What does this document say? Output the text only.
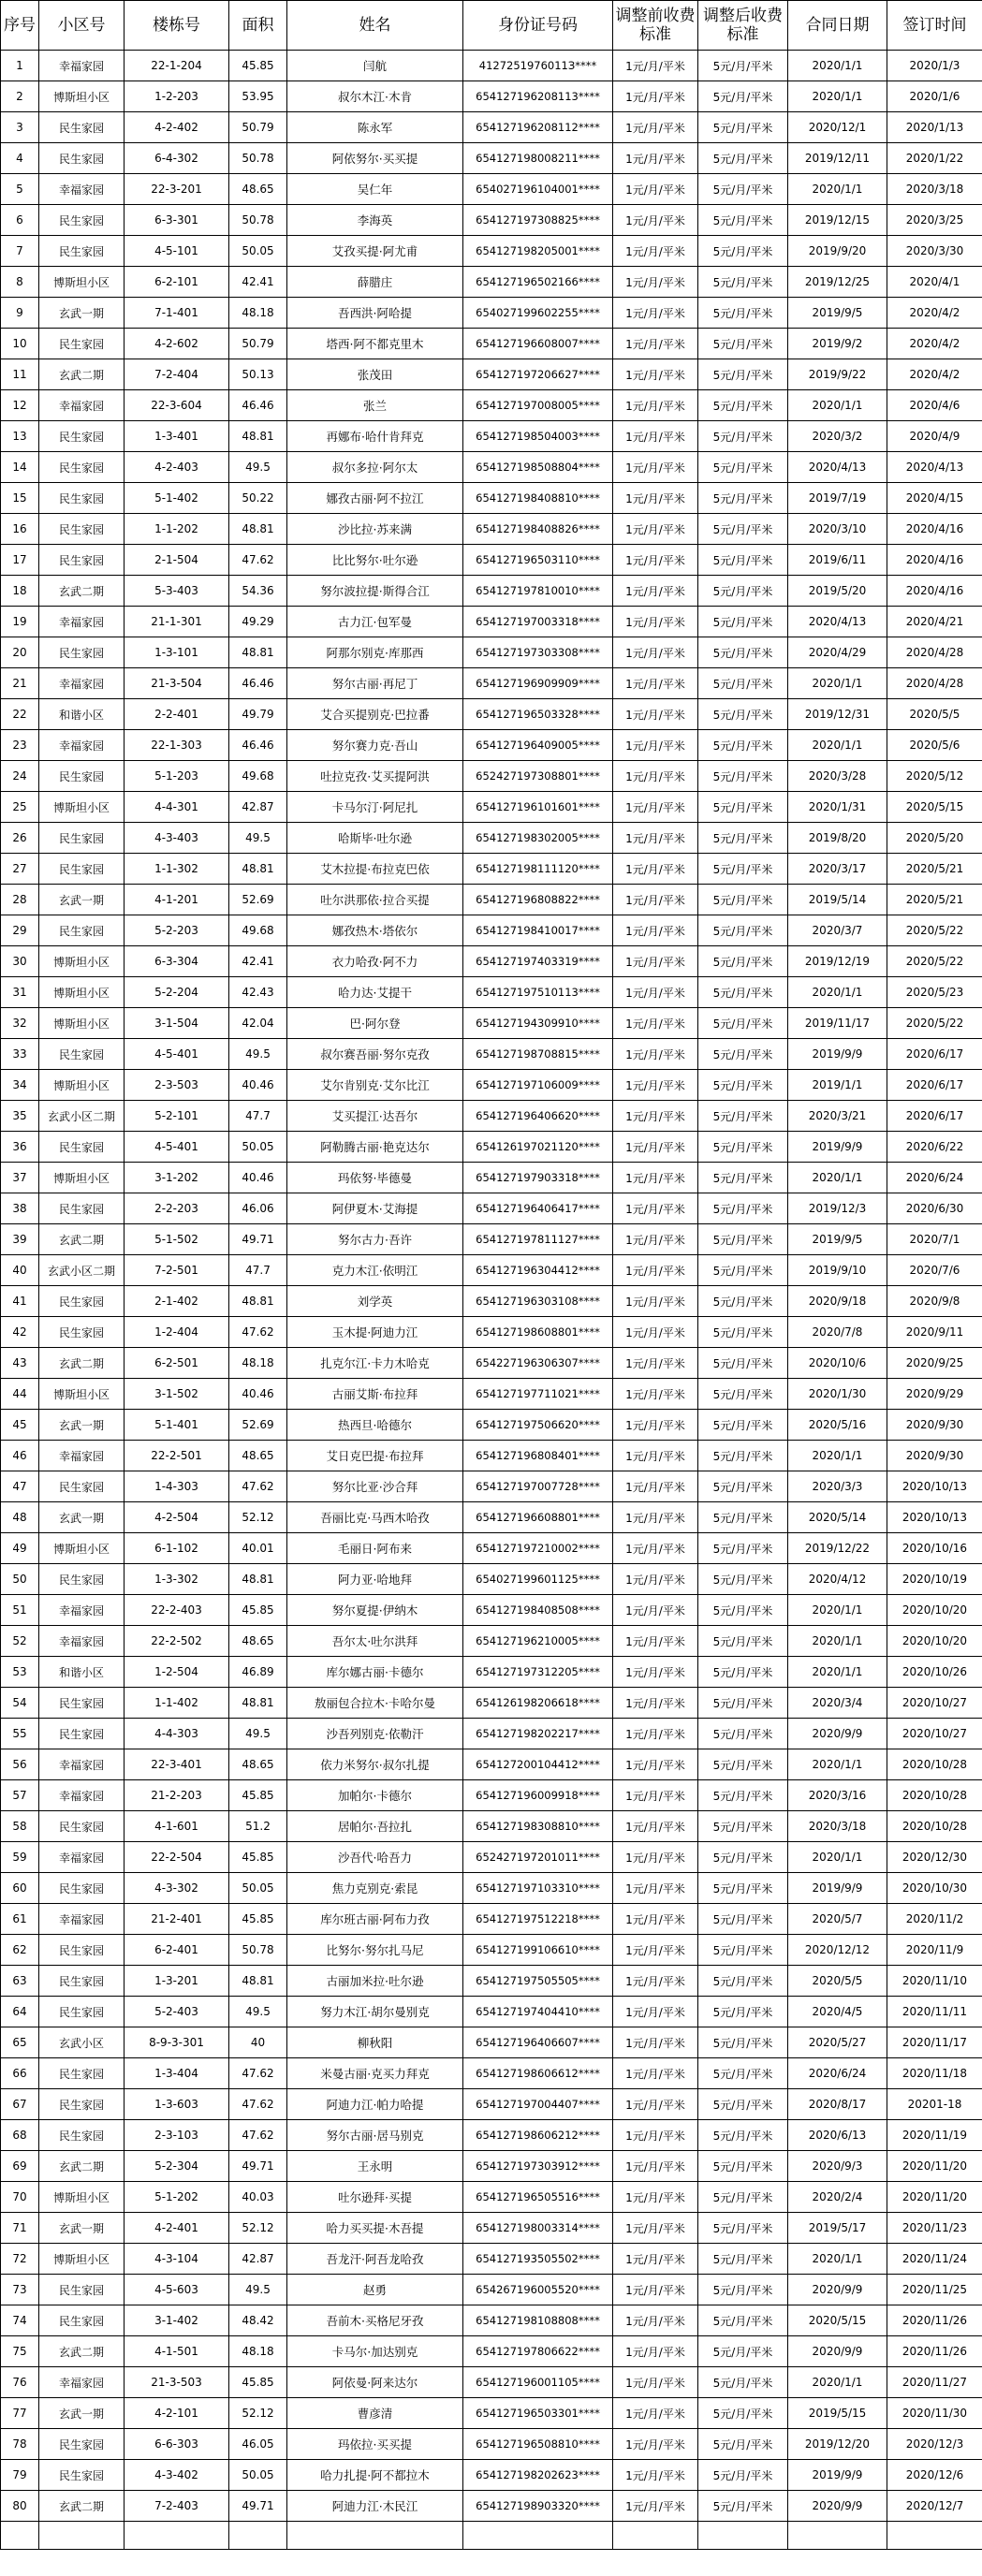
序号	小区号	楼栋号	面积	姓名	身份证号码	调整前收费标准	调整后收费标准	合同日期	签订时间
1	幸福家园	22-1-204	45.85	闫航	4127251976011З****	1元/月/平米	5元/月/平米	2020/1/1	2020/1/3
2	博斯坦小区	1-2-203	53.95	叔尔木江·木肯	654127196208113****	1元/月/平米	5元/月/平米	2020/1/1	2020/1/6
3	民生家园	4-2-402	50.79	陈永军	654127196208112****	1元/月/平米	5元/月/平米	2020/12/1	2020/1/13
4	民生家园	6-4-302	50.78	阿依努尔·买买提	654127198008211****	1元/月/平米	5元/月/平米	2019/12/11	2020/1/22
5	幸福家园	22-3-201	48.65	吴仁年	654027196104001****	1元/月/平米	5元/月/平米	2020/1/1	2020/3/18
6	民生家园	6-3-301	50.78	李海英	654127197308825****	1元/月/平米	5元/月/平米	2019/12/15	2020/3/25
7	民生家园	4-5-101	50.05	艾孜买提·阿尤甫	654127198205001****	1元/月/平米	5元/月/平米	2019/9/20	2020/3/30
8	博斯坦小区	6-2-101	42.41	薛腊庄	654127196502166****	1元/月/平米	5元/月/平米	2019/12/25	2020/4/1
9	玄武一期	7-1-401	48.18	吾西洪·阿哈提	654027199602255****	1元/月/平米	5元/月/平米	2019/9/5	2020/4/2
10	民生家园	4-2-602	50.79	塔西·阿不都克里木	654127196608007****	1元/月/平米	5元/月/平米	2019/9/2	2020/4/2
11	玄武二期	7-2-404	50.13	张茂田	654127197206627****	1元/月/平米	5元/月/平米	2019/9/22	2020/4/2
12	幸福家园	22-3-604	46.46	张兰	654127197008005****	1元/月/平米	5元/月/平米	2020/1/1	2020/4/6
13	民生家园	1-3-401	48.81	再娜布·哈什肯拜克	654127198504003****	1元/月/平米	5元/月/平米	2020/3/2	2020/4/9
14	民生家园	4-2-403	49.5	叔尔多拉·阿尔太	654127198508804****	1元/月/平米	5元/月/平米	2020/4/13	2020/4/13
15	民生家园	5-1-402	50.22	娜孜古丽·阿不拉江	654127198408810****	1元/月/平米	5元/月/平米	2019/7/19	2020/4/15
16	民生家园	1-1-202	48.81	沙比拉·苏来满	654127198408826****	1元/月/平米	5元/月/平米	2020/3/10	2020/4/16
17	民生家园	2-1-504	47.62	比比努尔·吐尔逊	654127196503110****	1元/月/平米	5元/月/平米	2019/6/11	2020/4/16
18	玄武二期	5-3-403	54.36	努尔波拉提·斯得合江	654127197810010****	1元/月/平米	5元/月/平米	2019/5/20	2020/4/16
19	幸福家园	21-1-301	49.29	古力江·包军曼	654127197003318****	1元/月/平米	5元/月/平米	2020/4/13	2020/4/21
20	民生家园	1-3-101	48.81	阿那尔别克·库那西	654127197303308****	1元/月/平米	5元/月/平米	2020/4/29	2020/4/28
21	幸福家园	21-3-504	46.46	努尔古丽·再尼丁	654127196909909****	1元/月/平米	5元/月/平米	2020/1/1	2020/4/28
22	和谐小区	2-2-401	49.79	艾合买提别克·巴拉番	654127196503328****	1元/月/平米	5元/月/平米	2019/12/31	2020/5/5
23	幸福家园	22-1-303	46.46	努尔赛力克·吾山	654127196409005****	1元/月/平米	5元/月/平米	2020/1/1	2020/5/6
24	民生家园	5-1-203	49.68	吐拉克孜·艾买提阿洪	652427197308801****	1元/月/平米	5元/月/平米	2020/3/28	2020/5/12
25	博斯坦小区	4-4-301	42.87	卡马尔汀·阿尼扎	654127196101601****	1元/月/平米	5元/月/平米	2020/1/31	2020/5/15
26	民生家园	4-3-403	49.5	哈斯毕·吐尔逊	654127198302005****	1元/月/平米	5元/月/平米	2019/8/20	2020/5/20
27	民生家园	1-1-302	48.81	艾木拉提·布拉克巴依	654127198111120****	1元/月/平米	5元/月/平米	2020/3/17	2020/5/21
28	玄武一期	4-1-201	52.69	吐尔洪那依·拉合买提	654127196808822****	1元/月/平米	5元/月/平米	2019/5/14	2020/5/21
29	民生家园	5-2-203	49.68	娜孜热木·塔依尔	654127198410017****	1元/月/平米	5元/月/平米	2020/3/7	2020/5/22
30	博斯坦小区	6-3-304	42.41	衣力哈孜·阿不力	654127197403319****	1元/月/平米	5元/月/平米	2019/12/19	2020/5/22
31	博斯坦小区	5-2-204	42.43	哈力达·艾提干	654127197510113****	1元/月/平米	5元/月/平米	2020/1/1	2020/5/23
32	博斯坦小区	3-1-504	42.04	巴·阿尔登	654127194309910****	1元/月/平米	5元/月/平米	2019/11/17	2020/5/22
33	民生家园	4-5-401	49.5	叔尔赛吾丽·努尔克孜	654127198708815****	1元/月/平米	5元/月/平米	2019/9/9	2020/6/17
34	博斯坦小区	2-3-503	40.46	艾尔肯别克·艾尔比江	654127197106009****	1元/月/平米	5元/月/平米	2019/1/1	2020/6/17
35	玄武小区二期	5-2-101	47.7	艾买提江·达吾尔	654127196406620****	1元/月/平米	5元/月/平米	2020/3/21	2020/6/17
36	民生家园	4-5-401	50.05	阿勒腾古丽·艳克达尔	654126197021120****	1元/月/平米	5元/月/平米	2019/9/9	2020/6/22
37	博斯坦小区	3-1-202	40.46	玛依努·毕德曼	654127197903318****	1元/月/平米	5元/月/平米	2020/1/1	2020/6/24
38	民生家园	2-2-203	46.06	阿伊夏木·艾海提	654127196406417****	1元/月/平米	5元/月/平米	2019/12/3	2020/6/30
39	玄武二期	5-1-502	49.71	努尔古力·吾许	654127197811127****	1元/月/平米	5元/月/平米	2019/9/5	2020/7/1
40	玄武小区二期	7-2-501	47.7	克力木江·依明江	654127196304412****	1元/月/平米	5元/月/平米	2019/9/10	2020/7/6
41	民生家园	2-1-402	48.81	刘学英	654127196303108****	1元/月/平米	5元/月/平米	2020/9/18	2020/9/8
42	民生家园	1-2-404	47.62	玉木提·阿迪力江	654127198608801****	1元/月/平米	5元/月/平米	2020/7/8	2020/9/11
43	玄武二期	6-2-501	48.18	扎克尔江·卡力木哈克	654227196306307****	1元/月/平米	5元/月/平米	2020/10/6	2020/9/25
44	博斯坦小区	3-1-502	40.46	古丽艾斯·布拉拜	654127197711021****	1元/月/平米	5元/月/平米	2020/1/30	2020/9/29
45	玄武一期	5-1-401	52.69	热西旦·哈德尔	654127197506620****	1元/月/平米	5元/月/平米	2020/5/16	2020/9/30
46	幸福家园	22-2-501	48.65	艾日克巴提·布拉拜	654127196808401****	1元/月/平米	5元/月/平米	2020/1/1	2020/9/30
47	民生家园	1-4-303	47.62	努尔比亚·沙合拜	654127197007728****	1元/月/平米	5元/月/平米	2020/3/3	2020/10/13
48	玄武一期	4-2-504	52.12	吾丽比克·马西木哈孜	654127196608801****	1元/月/平米	5元/月/平米	2020/5/14	2020/10/13
49	博斯坦小区	6-1-102	40.01	毛丽日·阿布来	654127197210002****	1元/月/平米	5元/月/平米	2019/12/22	2020/10/16
50	民生家园	1-3-302	48.81	阿力亚·哈地拜	654027199601125****	1元/月/平米	5元/月/平米	2020/4/12	2020/10/19
51	幸福家园	22-2-403	45.85	努尔夏提·伊纳木	654127198408508****	1元/月/平米	5元/月/平米	2020/1/1	2020/10/20
52	幸福家园	22-2-502	48.65	吾尔太·吐尔洪拜	654127196210005****	1元/月/平米	5元/月/平米	2020/1/1	2020/10/20
53	和谐小区	1-2-504	46.89	库尔娜古丽·卡德尔	654127197312205****	1元/月/平米	5元/月/平米	2020/1/1	2020/10/26
54	民生家园	1-1-402	48.81	敖丽包合拉木·卡哈尔曼	654126198206618****	1元/月/平米	5元/月/平米	2020/3/4	2020/10/27
55	民生家园	4-4-303	49.5	沙吾列别克·依勒汗	654127198202217****	1元/月/平米	5元/月/平米	2020/9/9	2020/10/27
56	幸福家园	22-3-401	48.65	依力米努尔·叔尔扎提	654127200104412****	1元/月/平米	5元/月/平米	2020/1/1	2020/10/28
57	幸福家园	21-2-203	45.85	加帕尔·卡德尔	654127196009918****	1元/月/平米	5元/月/平米	2020/3/16	2020/10/28
58	民生家园	4-1-601	51.2	居帕尔·吾拉扎	654127198308810****	1元/月/平米	5元/月/平米	2020/3/18	2020/10/28
59	幸福家园	22-2-504	45.85	沙吾代·哈吾力	652427197201011****	1元/月/平米	5元/月/平米	2020/1/1	2020/12/30
60	民生家园	4-3-302	50.05	焦力克别克·索昆	654127197103310****	1元/月/平米	5元/月/平米	2019/9/9	2020/10/30
61	幸福家园	21-2-401	45.85	库尔班古丽·阿布力孜	654127197512218****	1元/月/平米	5元/月/平米	2020/5/7	2020/11/2
62	民生家园	6-2-401	50.78	比努尔·努尔扎马尼	654127199106610****	1元/月/平米	5元/月/平米	2020/12/12	2020/11/9
63	民生家园	1-3-201	48.81	古丽加米拉·吐尔逊	654127197505505****	1元/月/平米	5元/月/平米	2020/5/5	2020/11/10
64	民生家园	5-2-403	49.5	努力木江·胡尔曼别克	654127197404410****	1元/月/平米	5元/月/平米	2020/4/5	2020/11/11
65	玄武小区	8-9-3-301	40	柳秋阳	654127196406607****	1元/月/平米	5元/月/平米	2020/5/27	2020/11/17
66	民生家园	1-3-404	47.62	米曼古丽·克买力拜克	654127198606612****	1元/月/平米	5元/月/平米	2020/6/24	2020/11/18
67	民生家园	1-3-603	47.62	阿迪力江·帕力哈提	654127197004407****	1元/月/平米	5元/月/平米	2020/8/17	20201-18
68	民生家园	2-3-103	47.62	努尔古丽·居马别克	654127198606212****	1元/月/平米	5元/月/平米	2020/6/13	2020/11/19
69	玄武二期	5-2-304	49.71	王永明	654127197303912****	1元/月/平米	5元/月/平米	2020/9/3	2020/11/20
70	博斯坦小区	5-1-202	40.03	吐尔逊拜·买提	654127196505516****	1元/月/平米	5元/月/平米	2020/2/4	2020/11/20
71	玄武一期	4-2-401	52.12	哈力买买提·木吾提	654127198003314****	1元/月/平米	5元/月/平米	2019/5/17	2020/11/23
72	博斯坦小区	4-3-104	42.87	吾龙汗·阿吾龙哈孜	654127193505502****	1元/月/平米	5元/月/平米	2020/1/1	2020/11/24
73	民生家园	4-5-603	49.5	赵勇	654267196005520****	1元/月/平米	5元/月/平米	2020/9/9	2020/11/25
74	民生家园	3-1-402	48.42	吾前木·买格尼牙孜	654127198108808****	1元/月/平米	5元/月/平米	2020/5/15	2020/11/26
75	玄武二期	4-1-501	48.18	卡马尔·加达别克	654127197806622****	1元/月/平米	5元/月/平米	2020/9/9	2020/11/26
76	幸福家园	21-3-503	45.85	阿依曼·阿来达尔	654127196001105****	1元/月/平米	5元/月/平米	2020/1/1	2020/11/27
77	玄武一期	4-2-101	52.12	曹彦清	654127196503301****	1元/月/平米	5元/月/平米	2019/5/15	2020/11/30
78	民生家园	6-6-303	46.05	玛依拉·买买提	654127196508810****	1元/月/平米	5元/月/平米	2019/12/20	2020/12/3
79	民生家园	4-3-402	50.05	哈力扎提·阿不都拉木	654127198202623****	1元/月/平米	5元/月/平米	2019/9/9	2020/12/6
80	玄武二期	7-2-403	49.71	阿迪力江·木民江	654127198903320****	1元/月/平米	5元/月/平米	2020/9/9	2020/12/7
